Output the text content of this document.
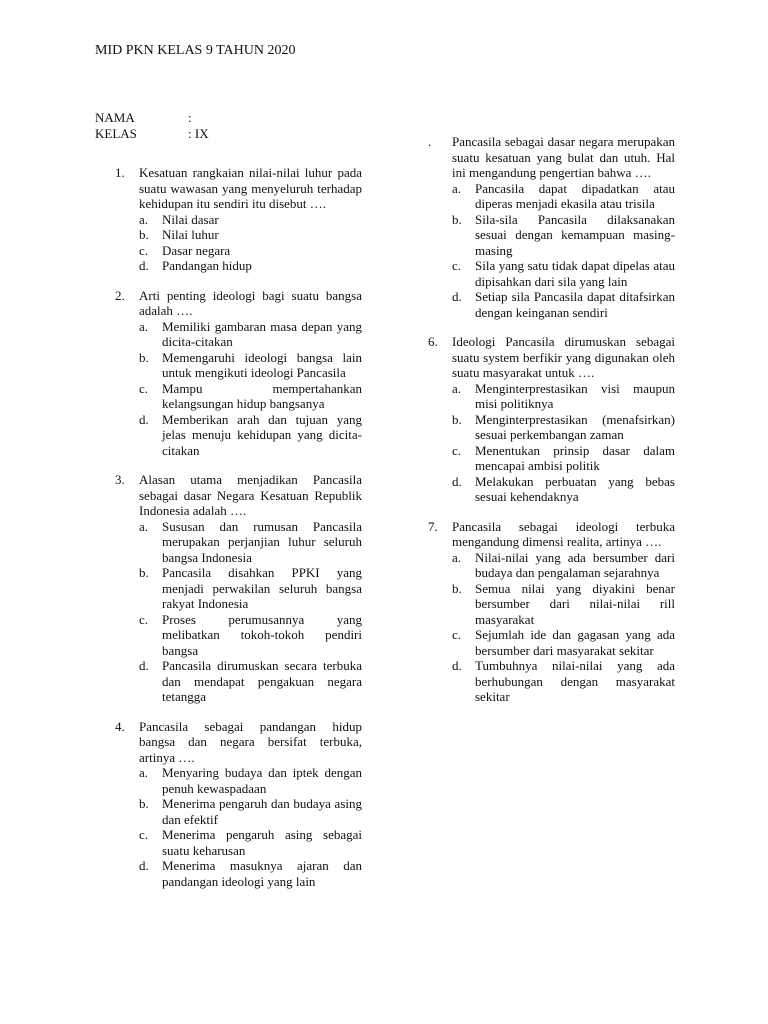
MID PKN KELAS 9 TAHUN 2020
NAMA	:
KELAS	: IX
1.	Kesatuan rangkaian nilai-nilai luhur pada suatu wawasan yang menyeluruh terhadap kehidupan itu sendiri itu disebut ….
a.	Nilai dasar
b.	Nilai luhur
c.	Dasar negara
d.	Pandangan hidup
2.	Arti penting ideologi bagi suatu bangsa adalah ….
a.	Memiliki gambaran masa depan yang dicita-citakan
b.	Memengaruhi ideologi bangsa lain untuk mengikuti ideologi Pancasila
c.	Mampu mempertahankan kelangsungan hidup bangsanya
d.	Memberikan arah dan tujuan yang jelas menuju kehidupan yang dicita-citakan
3.	Alasan utama menjadikan Pancasila sebagai dasar Negara Kesatuan Republik Indonesia adalah ….
a.	Sususan dan rumusan Pancasila merupakan perjanjian luhur seluruh bangsa Indonesia
b.	Pancasila disahkan PPKI yang menjadi perwakilan seluruh bangsa rakyat Indonesia
c.	Proses perumusannya yang melibatkan tokoh-tokoh pendiri bangsa
d.	Pancasila dirumuskan secara terbuka dan mendapat pengakuan negara tetangga
4.	Pancasila sebagai pandangan hidup bangsa dan negara bersifat terbuka, artinya ….
a.	Menyaring budaya dan iptek dengan penuh kewaspadaan
b.	Menerima pengaruh dan budaya asing dan efektif
c.	Menerima pengaruh asing sebagai suatu keharusan
d.	Menerima masuknya ajaran dan pandangan ideologi yang lain
.	Pancasila sebagai dasar negara merupakan suatu kesatuan yang bulat dan utuh. Hal ini mengandung pengertian bahwa ….
a.	Pancasila dapat dipadatkan atau diperas menjadi ekasila atau trisila
b.	Sila-sila Pancasila dilaksanakan sesuai dengan kemampuan masing-masing
c.	Sila yang satu tidak dapat dipelas atau dipisahkan dari sila yang lain
d.	Setiap sila Pancasila dapat ditafsirkan dengan keinganan sendiri
6.	Ideologi Pancasila dirumuskan sebagai suatu system berfikir yang digunakan oleh suatu masyarakat untuk ….
a.	Menginterprestasikan visi maupun misi politiknya
b.	Menginterprestasikan (menafsirkan) sesuai perkembangan zaman
c.	Menentukan prinsip dasar dalam mencapai ambisi politik
d.	Melakukan perbuatan yang bebas sesuai kehendaknya
7.	Pancasila sebagai ideologi terbuka mengandung dimensi realita, artinya ….
a.	Nilai-nilai yang ada bersumber dari budaya dan pengalaman sejarahnya
b.	Semua nilai yang diyakini benar bersumber dari nilai-nilai rill masyarakat
c.	Sejumlah ide dan gagasan yang ada bersumber dari masyarakat sekitar
d.	Tumbuhnya nilai-nilai yang ada berhubungan dengan masyarakat sekitar
